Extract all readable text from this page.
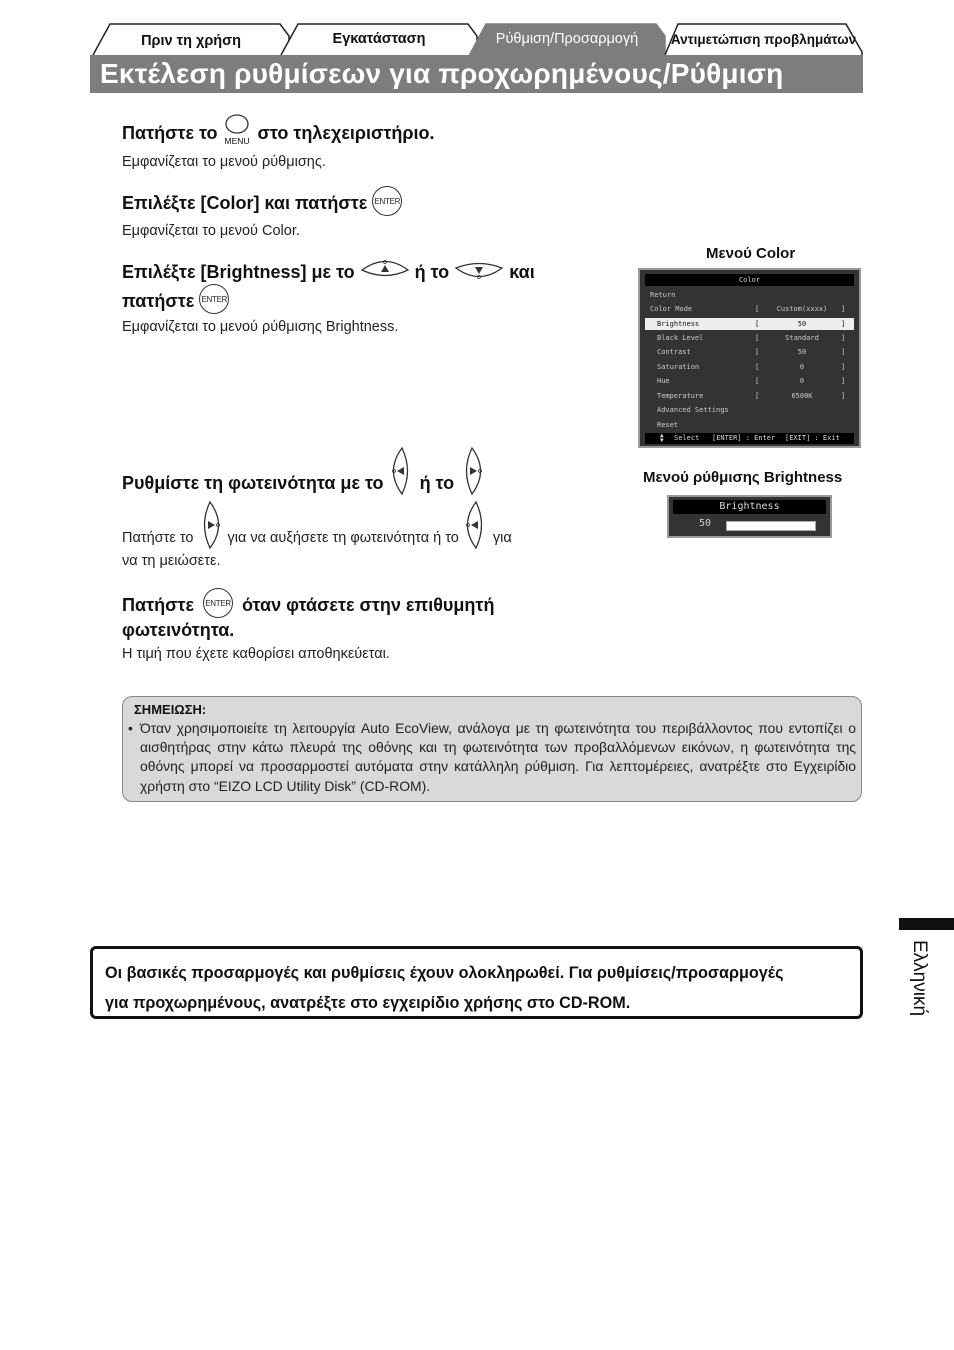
Πριν τη χρήση	Εγκατάσταση	Ρύθμιση/Προσαρμογή Αντιμετώπιση προβλημάτων
Εκτέλεση ρυθμίσεων για προχωρημένους/Ρύθμιση
Πατήστε το MENU στο τηλεχειριστήριο.
Εμφανίζεται το μενού ρύθμισης.
Επιλέξτε [Color] και πατήστε ENTER
Εμφανίζεται το μενού Color.
Επιλέξτε [Brightness] με το	ή το	και
πατήστε ENTER
Εμφανίζεται το μενού ρύθμισης Brightness.
Μενού Color
Color
Return
Color Mode	[	Custom(xxxx)	]
Brightness	[	50	]
Black Level	[	Standard	]
Contrast	[	50	]
Saturation	[	0	]
Hue	[	0	]
Temperature	[	6500K	]
Advanced Settings
Reset
▲
▼ Select [ENTER] : Enter [EXIT] : Exit
Ρυθμίστε τη φωτεινότητα με το ή το
Πατήστε το για να αυξήσετε τη φωτεινότητα ή το για
να τη μειώσετε.
Μενού ρύθμισης Brightness
Brightness
50
Πατήστε ENTER όταν φτάσετε στην επιθυμητή
φωτεινότητα.
Η τιμή που έχετε καθορίσει αποθηκεύεται.
ΣΗΜΕΙΩΣΗ:
• Όταν χρησιμοποιείτε τη λειτουργία Auto EcoView, ανάλογα με τη φωτεινότητα του περιβάλλοντος που εντοπίζει ο αισθητήρας στην κάτω πλευρά της οθόνης και τη φωτεινότητα των προβαλλόμενων εικόνων, η φωτεινότητα της οθόνης μπορεί να προσαρμοστεί αυτόματα στην κατάλληλη ρύθμιση. Για λεπτομέρειες, ανατρέξτε στο Εγχειρίδιο χρήστη στο “EIZO LCD Utility Disk” (CD-ROM).
Οι βασικές προσαρμογές και ρυθμίσεις έχουν ολοκληρωθεί. Για ρυθμίσεις/προσαρμογές
για προχωρημένους, ανατρέξτε στο εγχειρίδιο χρήσης στο CD-ROM.	Ελληνική
